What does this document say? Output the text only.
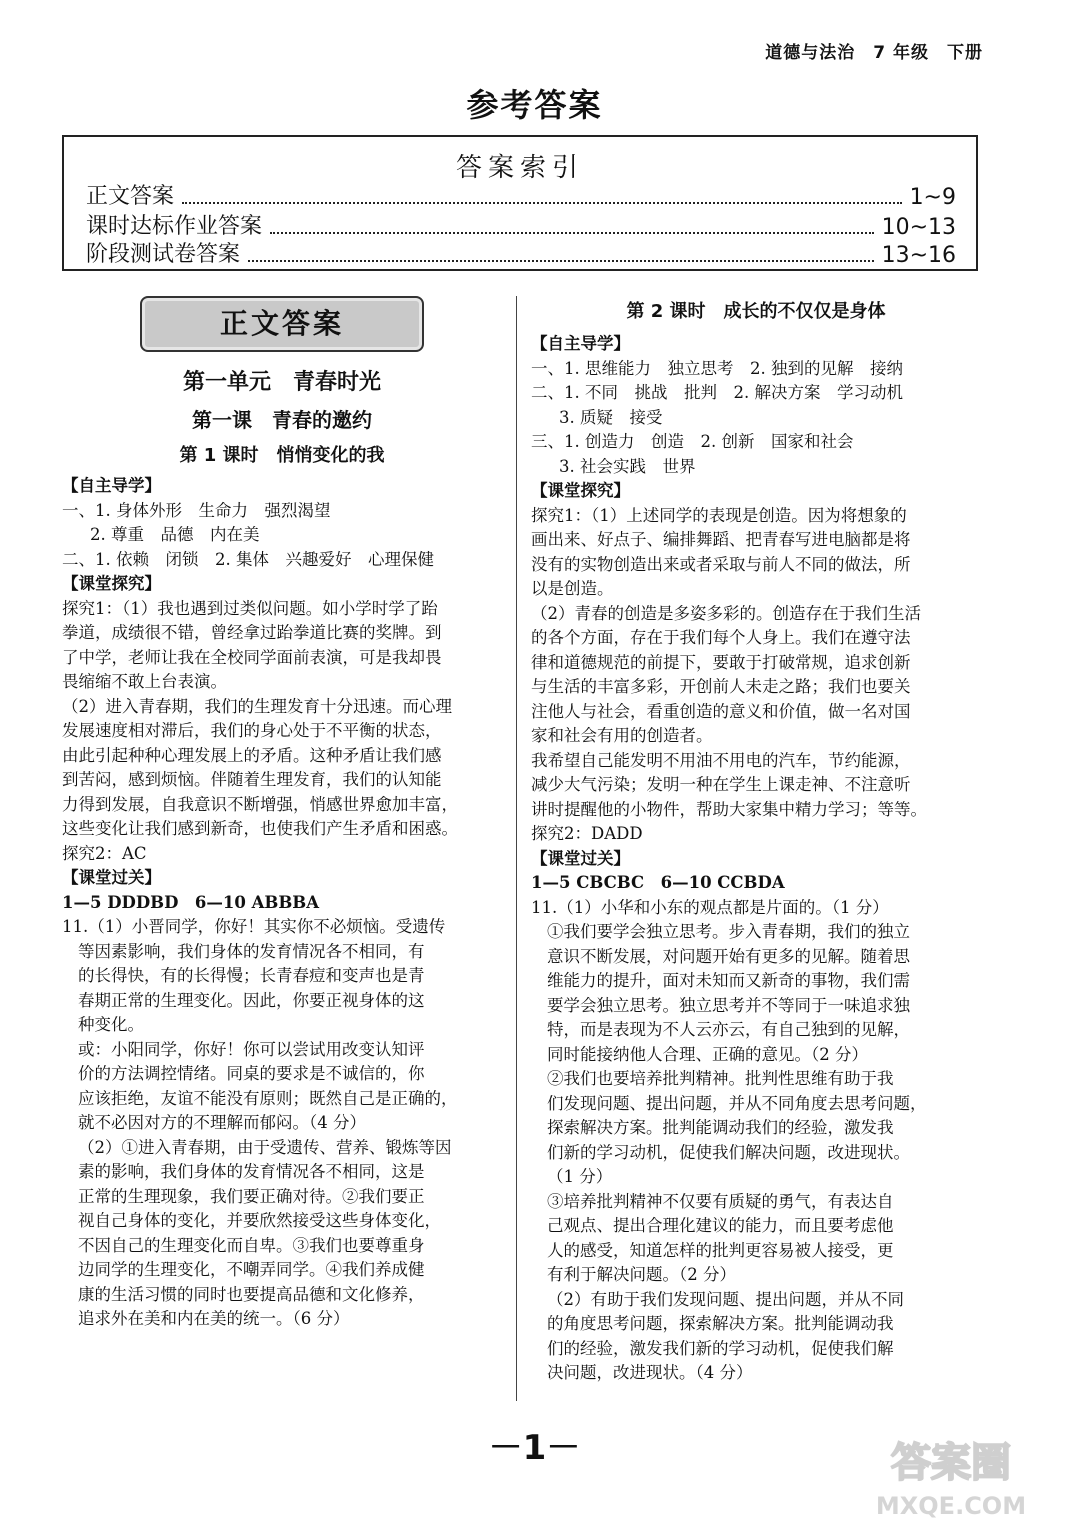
道德与法治　7 年级　下册
参考答案
答案索引
正文答案	1~9
课时达标作业答案	10~13
阶段测试卷答案	13~16
正文答案
第一单元　青春时光
第一课　青春的邀约
第 1 课时　悄悄变化的我
【自主导学】
一、1. 身体外形　生命力　强烈渴望
2. 尊重　品德　内在美
二、1. 依赖　闭锁　2. 集体　兴趣爱好　心理保健
【课堂探究】
探究1：（1）我也遇到过类似问题。如小学时学了跆
拳道，成绩很不错，曾经拿过跆拳道比赛的奖牌。到
了中学，老师让我在全校同学面前表演，可是我却畏
畏缩缩不敢上台表演。
（2）进入青春期，我们的生理发育十分迅速。而心理
发展速度相对滞后，我们的身心处于不平衡的状态，
由此引起种种心理发展上的矛盾。这种矛盾让我们感
到苦闷，感到烦恼。伴随着生理发育，我们的认知能
力得到发展，自我意识不断增强，悄感世界愈加丰富，
这些变化让我们感到新奇，也使我们产生矛盾和困惑。
探究2：AC
【课堂过关】
1—5 DDDBD　6—10 ABBBA
11.（1）小晋同学，你好！其实你不必烦恼。受遗传
等因素影响，我们身体的发育情况各不相同，有
的长得快，有的长得慢；长青春痘和变声也是青
春期正常的生理变化。因此，你要正视身体的这
种变化。
或：小阳同学，你好！你可以尝试用改变认知评
价的方法调控情绪。同桌的要求是不诚信的，你
应该拒绝，友谊不能没有原则；既然自己是正确的，
就不必因对方的不理解而郁闷。（4 分）
（2）①进入青春期，由于受遗传、营养、锻炼等因
素的影响，我们身体的发育情况各不相同，这是
正常的生理现象，我们要正确对待。②我们要正
视自己身体的变化，并要欣然接受这些身体变化，
不因自己的生理变化而自卑。③我们也要尊重身
边同学的生理变化，不嘲弄同学。④我们养成健
康的生活习惯的同时也要提高品德和文化修养，
追求外在美和内在美的统一。（6 分）
第 2 课时　成长的不仅仅是身体
【自主导学】
一、1. 思维能力　独立思考　2. 独到的见解　接纳
二、1. 不同　挑战　批判　2. 解决方案　学习动机
3. 质疑　接受
三、1. 创造力　创造　2. 创新　国家和社会
3. 社会实践　世界
【课堂探究】
探究1：（1）上述同学的表现是创造。因为将想象的
画出来、好点子、编排舞蹈、把青春写进电脑都是将
没有的实物创造出来或者采取与前人不同的做法，所
以是创造。
（2）青春的创造是多姿多彩的。创造存在于我们生活
的各个方面，存在于我们每个人身上。我们在遵守法
律和道德规范的前提下，要敢于打破常规，追求创新
与生活的丰富多彩，开创前人未走之路；我们也要关
注他人与社会，看重创造的意义和价值，做一名对国
家和社会有用的创造者。
我希望自己能发明不用油不用电的汽车，节约能源，
减少大气污染；发明一种在学生上课走神、不注意听
讲时提醒他的小物件，帮助大家集中精力学习；等等。
探究2：DADD
【课堂过关】
1—5 CBCBC　6—10 CCBDA
11.（1）小华和小东的观点都是片面的。（1 分）
①我们要学会独立思考。步入青春期，我们的独立
意识不断发展，对问题开始有更多的见解。随着思
维能力的提升，面对未知而又新奇的事物，我们需
要学会独立思考。独立思考并不等同于一味追求独
特，而是表现为不人云亦云，有自己独到的见解，
同时能接纳他人合理、正确的意见。（2 分）
②我们也要培养批判精神。批判性思维有助于我
们发现问题、提出问题，并从不同角度去思考问题，
探索解决方案。批判能调动我们的经验，激发我
们新的学习动机，促使我们解决问题，改进现状。
（1 分）
③培养批判精神不仅要有质疑的勇气，有表达自
己观点、提出合理化建议的能力，而且要考虑他
人的感受，知道怎样的批判更容易被人接受，更
有利于解决问题。（2 分）
（2）有助于我们发现问题、提出问题，并从不同
的角度思考问题，探索解决方案。批判能调动我
们的经验，激发我们新的学习动机，促使我们解
决问题，改进现状。（4 分）
－1－	答案圈
MXQE.COM
